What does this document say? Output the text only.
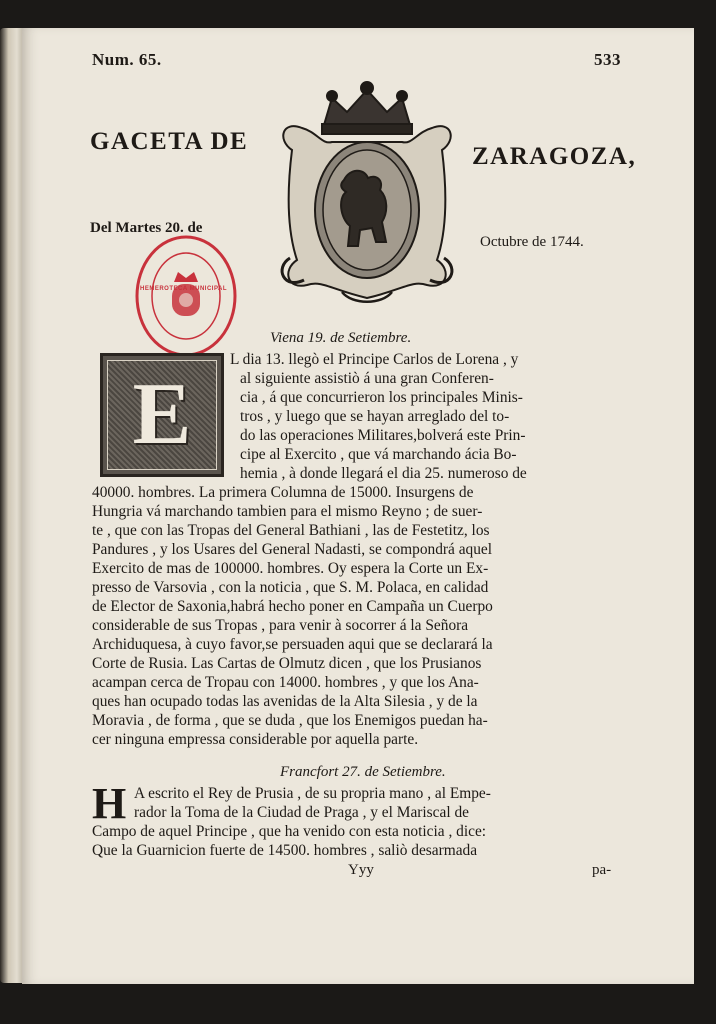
Num. 65.	533
GACETA DE
ZARAGOZA,
Del Martes 20. de
Octubre de 1744.
HEMEROTECA MUNICIPAL
Viena 19. de Setiembre.
E
L dia 13. llegò el Principe Carlos de Lorena , y
al siguiente assistiò á una gran Conferen-
cia , á que concurrieron los principales Minis-
tros , y luego que se hayan arreglado del to-
do las operaciones Militares,bolverá este Prin-
cipe al Exercito , que vá marchando ácia Bo-
hemia , à donde llegará el dia 25. numeroso de
40000. hombres. La primera Columna de 15000. Insurgens de
Hungria vá marchando tambien para el mismo Reyno ; de suer-
te , que con las Tropas del General Bathiani , las de Festetitz, los
Pandures , y los Usares del General Nadasti, se compondrá aquel
Exercito de mas de 100000. hombres. Oy espera la Corte un Ex-
presso de Varsovia , con la noticia , que S. M. Polaca, en calidad
de Elector de Saxonia,habrá hecho poner en Campaña un Cuerpo
considerable de sus Tropas , para venir à socorrer á la Señora
Archiduquesa, à cuyo favor,se persuaden aqui que se declarará la
Corte de Rusia. Las Cartas de Olmutz dicen , que los Prusianos
acampan cerca de Tropau con 14000. hombres , y que los Ana-
ques han ocupado todas las avenidas de la Alta Silesia , y de la
Moravia , de forma , que se duda , que los Enemigos puedan ha-
cer ninguna empressa considerable por aquella parte.
Francfort 27. de Setiembre.
H A escrito el Rey de Prusia , de su propria mano , al Empe-
rador la Toma de la Ciudad de Praga , y el Mariscal de
Campo de aquel Principe , que ha venido con esta noticia , dice:
Que la Guarnicion fuerte de 14500. hombres , saliò desarmada
Yyy	pa-
